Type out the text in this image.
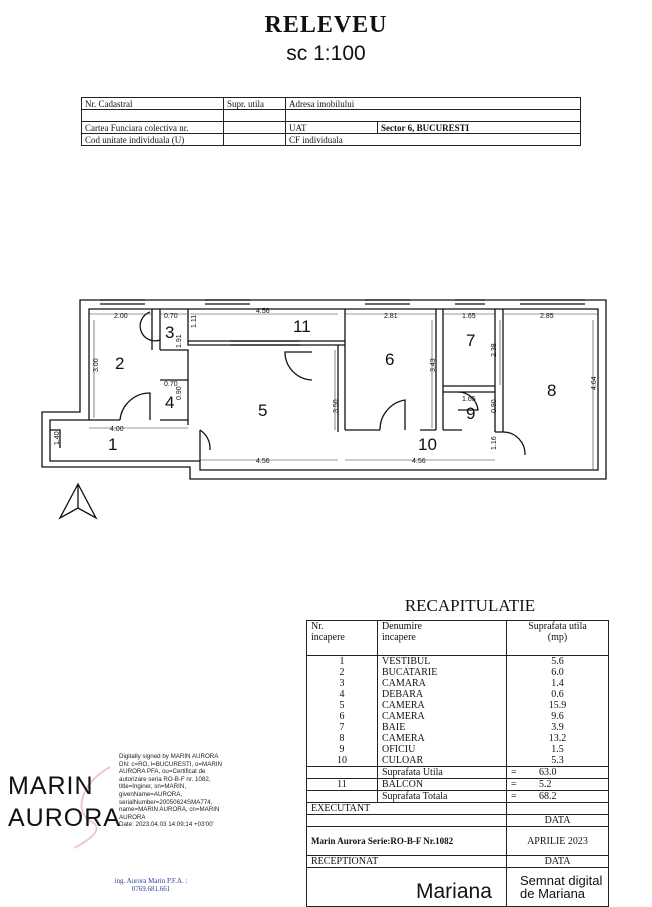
RELEVEU
sc 1:100
Nr. Cadastral	Supr. utila	Adresa imobilului	

Cartea Funciara colectiva nr.		UAT	Sector 6, BUCURESTI
Cod unitate individuala (U)		CF individuala	
1
2
3
4	5
6
7
8
9
10
11
2.00	0.70
4.56
2.81	1.65	2.85
1.11
3.00
1.91
2.38
0.70
3.43
0.90
4.64
4.00
1.65
3.50	0.90
1.40	1.16
4.56	4.56
RECAPITULATIE
Nr.
incapere	Denumire
incapere	Suprafata utila
(mp)
1	VESTIBUL	5.6
2	BUCATARIE	6.0
3	CAMARA	1.4
4	DEBARA	0.6
5	CAMERA	15.9
6	CAMERA	9.6
7	BAIE	3.9
8	CAMERA	13.2
9	OFICIU	1.5
10	CULOAR	5.3
	Suprafata Utila	= 63.0
11	BALCON	= 5.2
	Suprafata Totala	= 68.2
EXECUTANT		
		DATA
Marin Aurora Serie:RO-B-F Nr.1082		APRILIE 2023
RECEPTIONAT		DATA

MARIN
AURORA
Digitally signed by MARIN AURORA
DN: c=RO, l=BUCURESTI, o=MARIN
AURORA PFA, ou=Certificat de
autorizare seria RO-B-F nr. 1082,
title=Inginer, sn=MARIN,
givenName=AURORA,
serialNumber=20050624SMA774,
name=MARIN AURORA, cn=MARIN
AURORA
Date: 2023.04.03 14:09:14 +03'00'
ing. Aurora Marin P.F.A. :
0769.681.661	Mariana Semnat digital
de Mariana
